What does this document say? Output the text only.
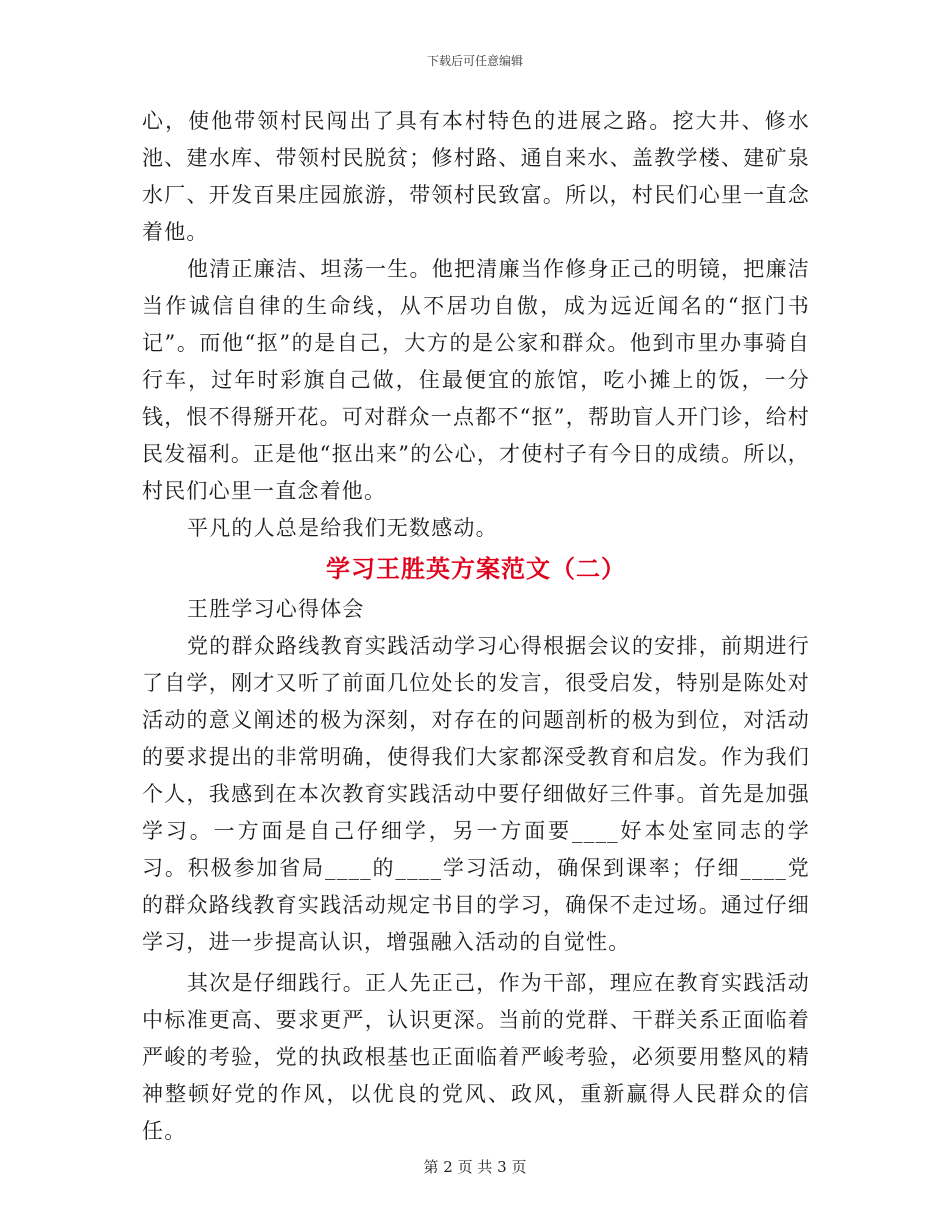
下载后可任意编辑

心，使他带领村民闯出了具有本村特色的进展之路。挖大井、修水池、建水库、带领村民脱贫；修村路、通自来水、盖教学楼、建矿泉水厂、开发百果庄园旅游，带领村民致富。所以，村民们心里一直念着他。

他清正廉洁、坦荡一生。他把清廉当作修身正己的明镜，把廉洁当作诚信自律的生命线，从不居功自傲，成为远近闻名的“抠门书记”。而他“抠”的是自己，大方的是公家和群众。他到市里办事骑自行车，过年时彩旗自己做，住最便宜的旅馆，吃小摊上的饭，一分钱，恨不得掰开花。可对群众一点都不“抠”，帮助盲人开门诊，给村民发福利。正是他“抠出来”的公心，才使村子有今日的成绩。所以，村民们心里一直念着他。

平凡的人总是给我们无数感动。

学习王胜英方案范文（二）

王胜学习心得体会

党的群众路线教育实践活动学习心得根据会议的安排，前期进行了自学，刚才又听了前面几位处长的发言，很受启发，特别是陈处对活动的意义阐述的极为深刻，对存在的问题剖析的极为到位，对活动的要求提出的非常明确，使得我们大家都深受教育和启发。作为我们个人，我感到在本次教育实践活动中要仔细做好三件事。首先是加强学习。一方面是自己仔细学，另一方面要____好本处室同志的学习。积极参加省局____的____学习活动，确保到课率；仔细____党的群众路线教育实践活动规定书目的学习，确保不走过场。通过仔细学习，进一步提高认识，增强融入活动的自觉性。

其次是仔细践行。正人先正己，作为干部，理应在教育实践活动中标准更高、要求更严，认识更深。当前的党群、干群关系正面临着严峻的考验，党的执政根基也正面临着严峻考验，必须要用整风的精神整顿好党的作风，以优良的党风、政风，重新赢得人民群众的信任。

第 2 页 共 3 页
